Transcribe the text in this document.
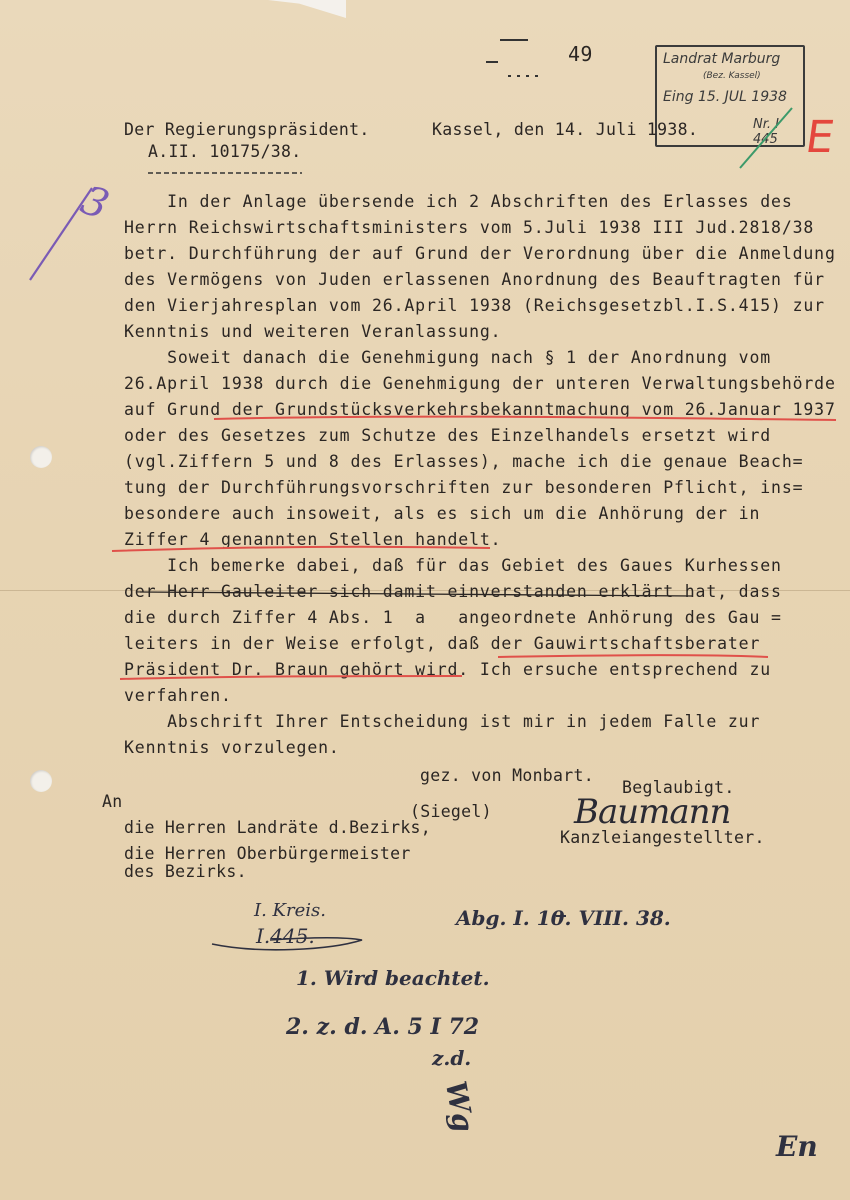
49	Landrat Marburg
(Bez. Kassel)
Eing 15. JUL 1938
Nr. I 445 E
Der Regierungspräsident.
A.II. 10175/38.
Kassel, den 14. Juli 1938.
In der Anlage übersende ich 2 Abschriften des Erlasses des
Herrn Reichswirtschaftsministers vom 5.Juli 1938 III Jud.2818/38
betr. Durchführung der auf Grund der Verordnung über die Anmeldung
des Vermögens von Juden erlassenen Anordnung des Beauftragten für
den Vierjahresplan vom 26.April 1938 (Reichsgesetzbl.I.S.415) zur
Kenntnis und weiteren Veranlassung.
Soweit danach die Genehmigung nach § 1 der Anordnung vom
26.April 1938 durch die Genehmigung der unteren Verwaltungsbehörde
auf Grund der Grundstücksverkehrsbekanntmachung vom 26.Januar 1937
oder des Gesetzes zum Schutze des Einzelhandels ersetzt wird
(vgl.Ziffern 5 und 8 des Erlasses), mache ich die genaue Beach=
tung der Durchführungsvorschriften zur besonderen Pflicht, ins=
besondere auch insoweit, als es sich um die Anhörung der in
Ziffer 4 genannten Stellen handelt.
Ich bemerke dabei, daß für das Gebiet des Gaues Kurhessen
der Herr Gauleiter sich damit einverstanden erklärt hat, dass
die durch Ziffer 4 Abs. 1  a   angeordnete Anhörung des Gau =
leiters in der Weise erfolgt, daß der Gauwirtschaftsberater
Präsident Dr. Braun gehört wird. Ich ersuche entsprechend zu
verfahren.
Abschrift Ihrer Entscheidung ist mir in jedem Falle zur
Kenntnis vorzulegen.
gez. von Monbart.
Beglaubigt.
(Siegel) Baumann
Kanzleiangestellter.
An
die Herren Landräte d.Bezirks,
die Herren Oberbürgermeister
des Bezirks.
I. Kreis.
I.445.
Abg. I. 10. VIII. 38.
1. Wird beachtet.
2. z. d. A. 5 I 72
z.d.
Wg
3
En
